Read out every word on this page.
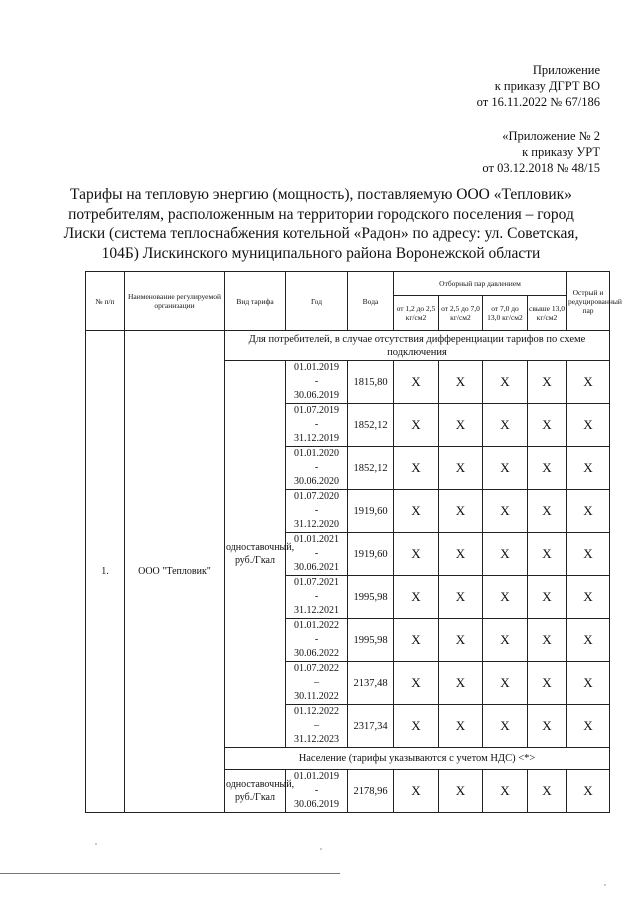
Приложение
к приказу ДГРТ ВО
от 16.11.2022 № 67/186
«Приложение № 2
к приказу УРТ
от 03.12.2018 № 48/15
Тарифы на тепловую энергию (мощность), поставляемую ООО «Тепловик» потребителям, расположенным на территории городского поселения – город Лиски (система теплоснабжения котельной «Радон» по адресу: ул. Советская, 104Б) Лискинского муниципального района Воронежской области
№ п/п	Наименование регулируемой организации	Вид тарифа	Год	Вода	Отборный пар давлением				Острый и редуцированный пар
					от 1,2 до 2,5 кг/см2	от 2,5 до 7,0 кг/см2	от 7,0 до 13,0 кг/см2	свыше 13,0 кг/см2	
1.	ООО "Тепловик"	Для потребителей, в случае отсутствия дифференциации тарифов по схеме подключения							
		одноставочный, руб./Гкал	01.01.2019
-
30.06.2019	1815,80	Х	Х	Х	Х	Х

			01.07.2019
-
31.12.2019	1852,12	Х	Х	Х	Х	Х

			01.01.2020
-
30.06.2020	1852,12	Х	Х	Х	Х	Х

			01.07.2020
-
31.12.2020	1919,60	Х	Х	Х	Х	Х

			01.01.2021
-
30.06.2021	1919,60	Х	Х	Х	Х	Х

			01.07.2021
-
31.12.2021	1995,98	Х	Х	Х	Х	Х

			01.01.2022
-
30.06.2022	1995,98	Х	Х	Х	Х	Х

			01.07.2022
–
30.11.2022	2137,48	Х	Х	Х	Х	Х

			01.12.2022
–
31.12.2023	2317,34	Х	Х	Х	Х	Х
		Население (тарифы указываются с учетом НДС) <*>							
		одноставочный, руб./Гкал	01.01.2019
-
30.06.2019	2178,96	Х	Х	Х	Х	Х
